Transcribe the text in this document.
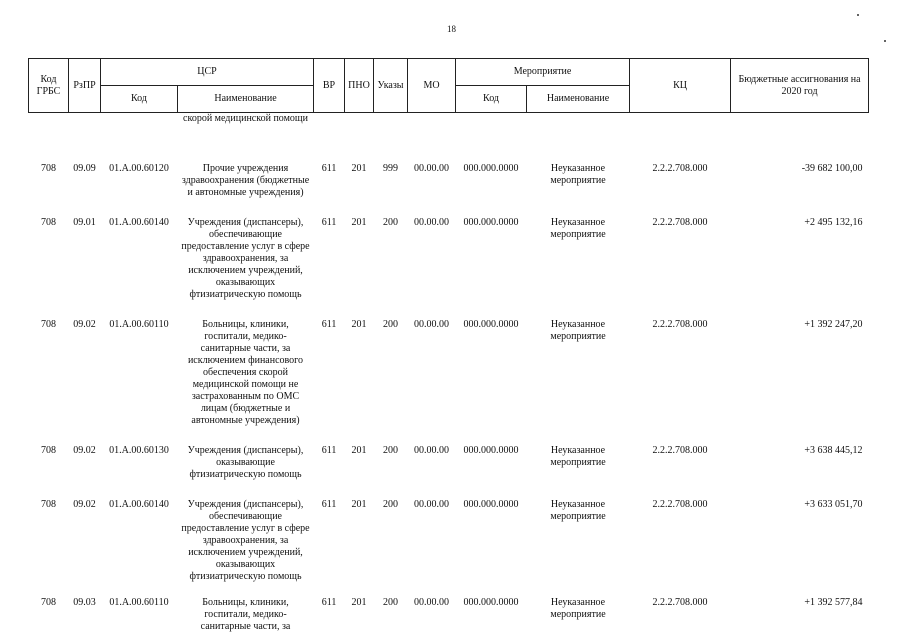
18
Код ГРБС	РзПР	ЦСР		ВР	ПНО	Указы	МО	Мероприятие		КЦ	Бюджетные ассигнования на 2020 год
		Код	Наименование					Код	Наименование		
			скорой медицинской помощи								
708	09.09	01.А.00.60120	Прочие учреждения здравоохранения (бюджетные и автономные учреждения)	611	201	999	00.00.00	000.000.0000	Неуказанное мероприятие	2.2.2.708.000	-39 682 100,00
708	09.01	01.А.00.60140	Учреждения (диспансеры), обеспечивающие предоставление услуг в сфере здравоохранения, за исключением учреждений, оказывающих фтизиатрическую помощь	611	201	200	00.00.00	000.000.0000	Неуказанное мероприятие	2.2.2.708.000	+2 495 132,16
708	09.02	01.А.00.60110	Больницы, клиники, госпитали, медико-санитарные части, за исключением финансового обеспечения скорой медицинской помощи не застрахованным по ОМС лицам (бюджетные и автономные учреждения)	611	201	200	00.00.00	000.000.0000	Неуказанное мероприятие	2.2.2.708.000	+1 392 247,20
708	09.02	01.А.00.60130	Учреждения (диспансеры), оказывающие фтизиатрическую помощь	611	201	200	00.00.00	000.000.0000	Неуказанное мероприятие	2.2.2.708.000	+3 638 445,12
708	09.02	01.А.00.60140	Учреждения (диспансеры), обеспечивающие предоставление услуг в сфере здравоохранения, за исключением учреждений, оказывающих фтизиатрическую помощь	611	201	200	00.00.00	000.000.0000	Неуказанное мероприятие	2.2.2.708.000	+3 633 051,70
708	09.03	01.А.00.60110	Больницы, клиники, госпитали, медико-санитарные части, за	611	201	200	00.00.00	000.000.0000	Неуказанное мероприятие	2.2.2.708.000	+1 392 577,84
